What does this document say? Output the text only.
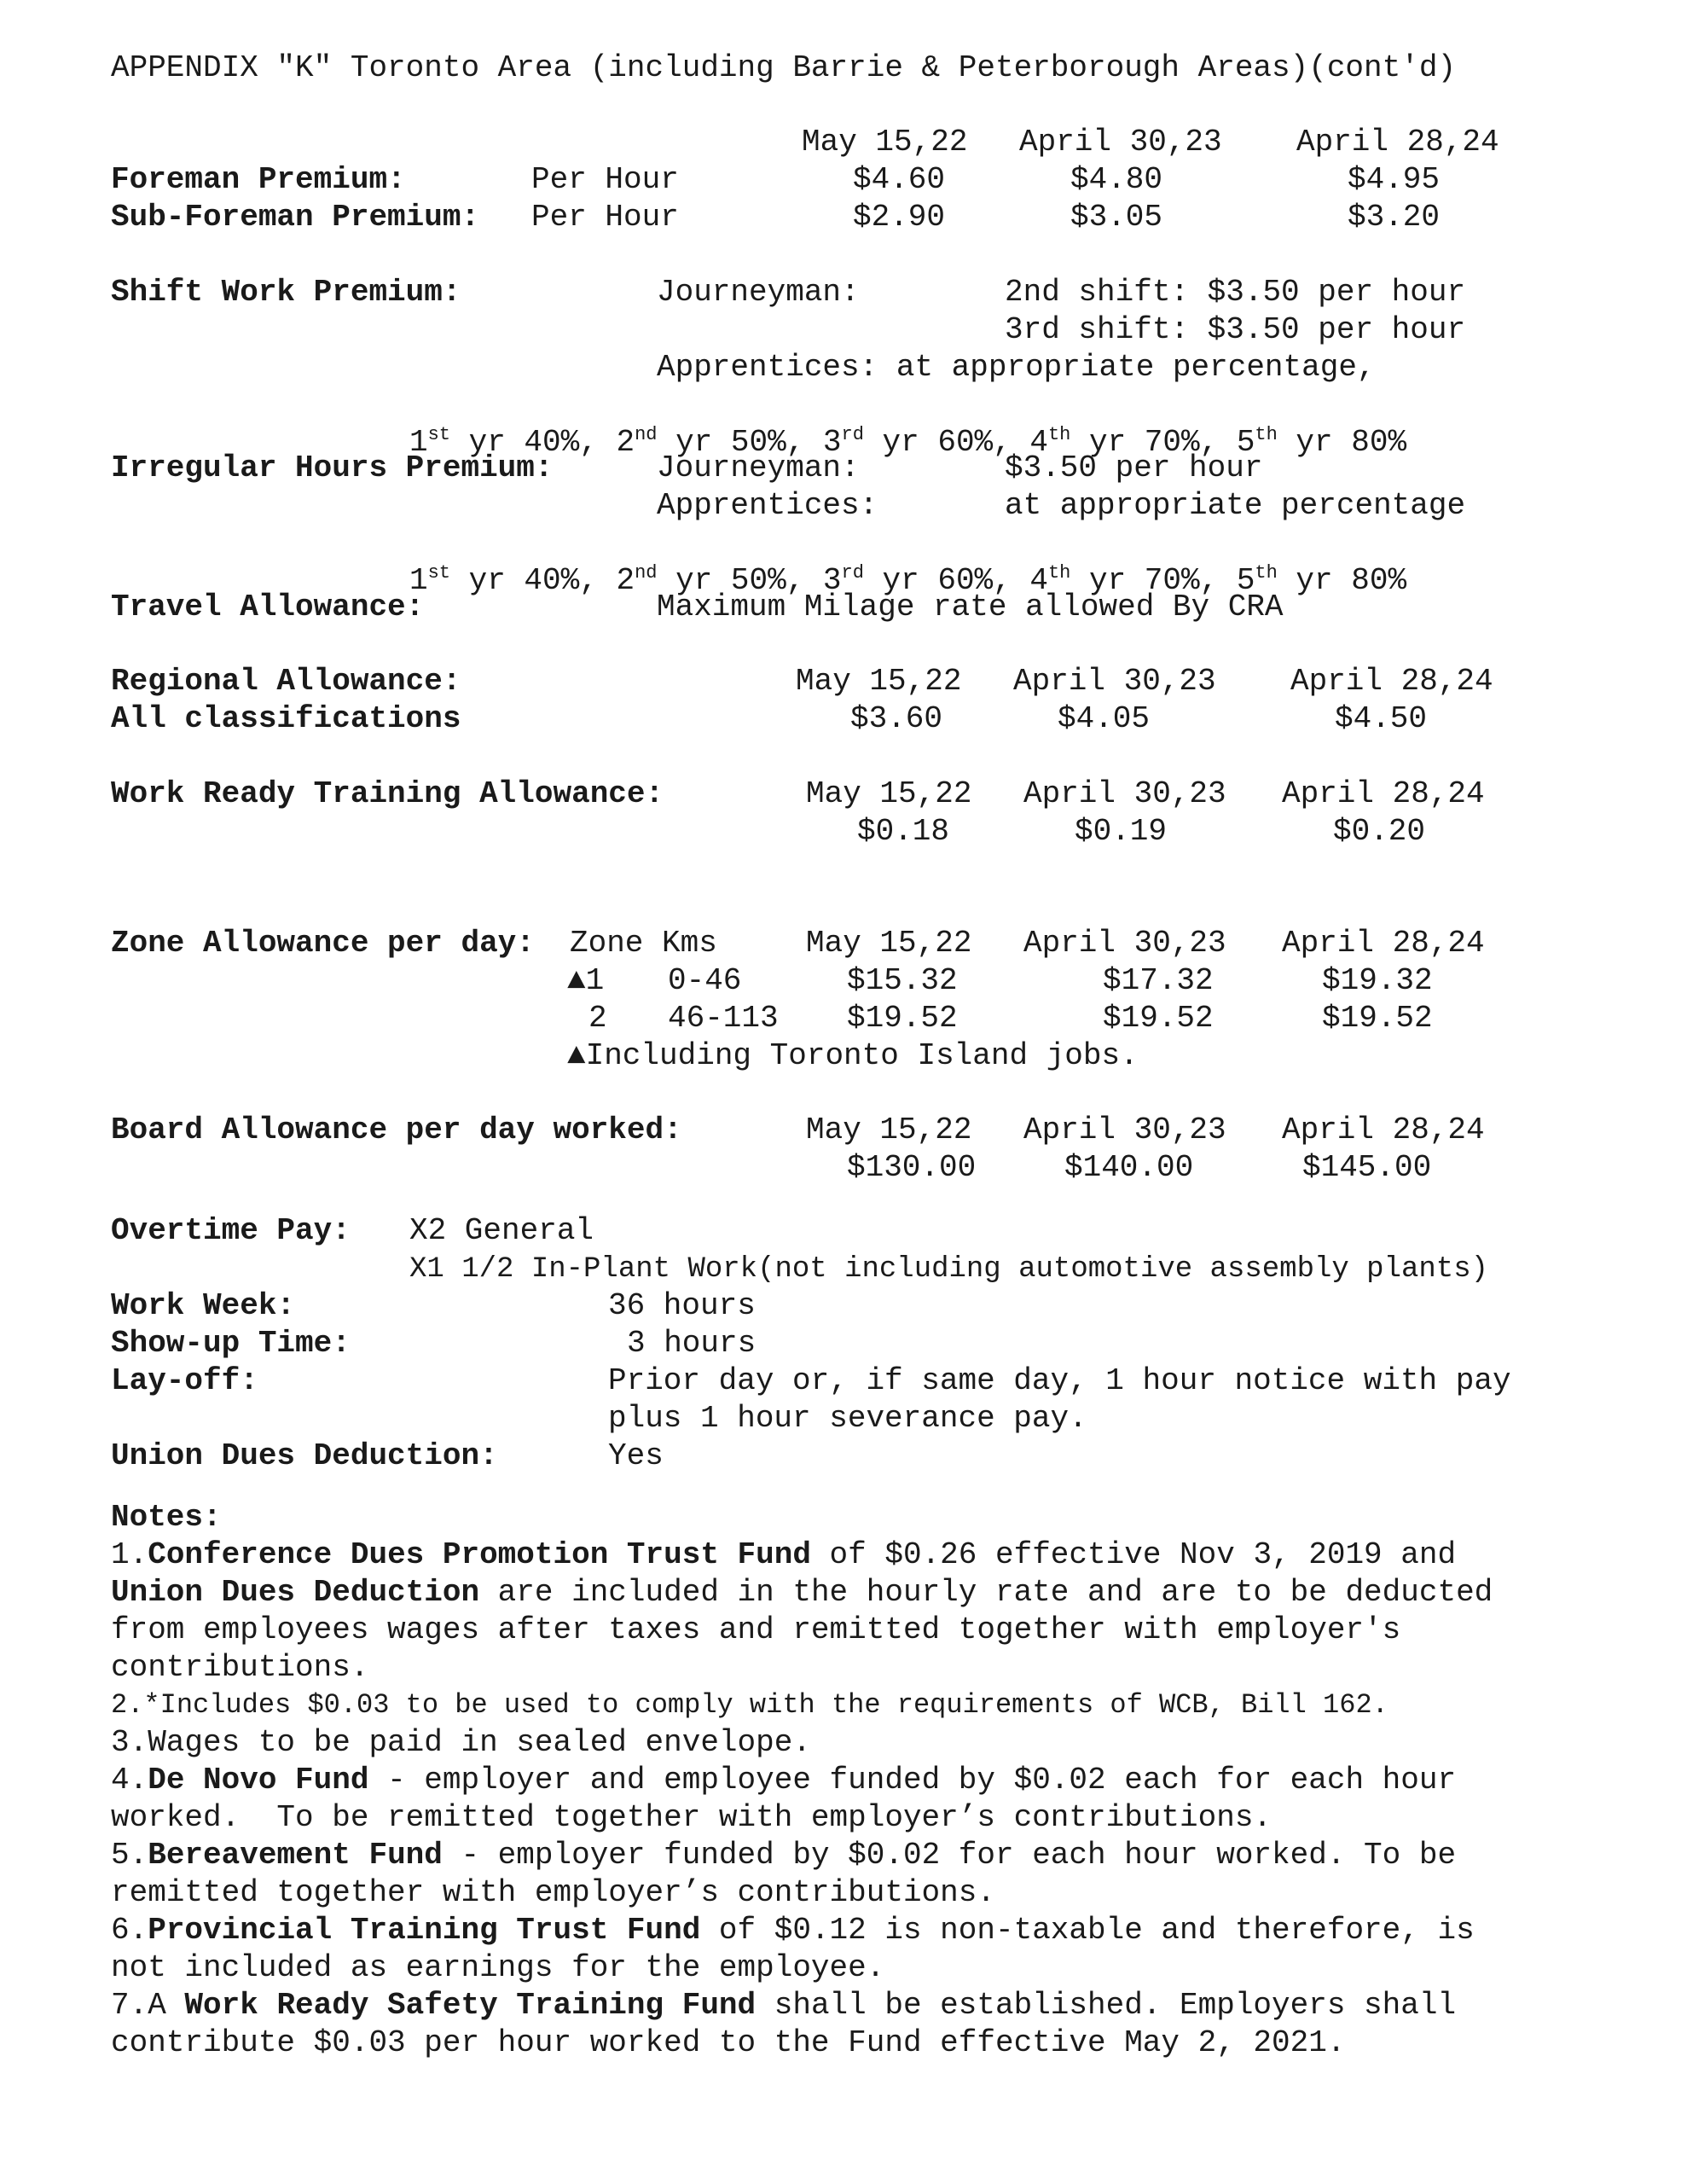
APPENDIX "K" Toronto Area (including Barrie & Peterborough Areas)(cont'd)
May 15,22 April 30,23 April 28,24
Foreman Premium:	Per Hour	$4.60	$4.80	$4.95
Sub-Foreman Premium: Per Hour	$2.90	$3.05	$3.20
Shift Work Premium:	Journeyman:	2nd shift: $3.50 per hour
3rd shift: $3.50 per hour
Apprentices: at appropriate percentage,

1st yr 40%, 2nd yr 50%, 3rd yr 60%, 4th yr 70%, 5th yr 80%
Irregular Hours Premium:	Journeyman:	$3.50 per hour
Apprentices:	at appropriate percentage

1st yr 40%, 2nd yr 50%, 3rd yr 60%, 4th yr 70%, 5th yr 80%
Travel Allowance:	Maximum Milage rate allowed By CRA
Regional Allowance:	May 15,22 April 30,23 April 28,24
All classifications	$3.60	$4.05	$4.50
Work Ready Training Allowance:	May 15,22 April 30,23 April 28,24
$0.18	$0.19	$0.20
Zone Allowance per day: Zone Kms	May 15,22 April 30,23 April 28,24
▲1 0-46	$15.32	$17.32	$19.32
2 46-113 $19.52	$19.52	$19.52
▲Including Toronto Island jobs.
Board Allowance per day worked:	May 15,22 April 30,23 April 28,24
$130.00	$140.00	$145.00
Overtime Pay: X2 General
X1 1/2 In-Plant Work(not including automotive assembly plants)
Work Week:	36 hours
Show-up Time:	3 hours
Lay-off:	Prior day or, if same day, 1 hour notice with pay
plus 1 hour severance pay.
Union Dues Deduction:	Yes
Notes:
1.Conference Dues Promotion Trust Fund of $0.26 effective Nov 3, 2019 and
Union Dues Deduction are included in the hourly rate and are to be deducted
from employees wages after taxes and remitted together with employer's
contributions.
2.*Includes $0.03 to be used to comply with the requirements of WCB, Bill 162.
3.Wages to be paid in sealed envelope.
4.De Novo Fund - employer and employee funded by $0.02 each for each hour
worked.  To be remitted together with employer’s contributions.
5.Bereavement Fund - employer funded by $0.02 for each hour worked. To be
remitted together with employer’s contributions.
6.Provincial Training Trust Fund of $0.12 is non-taxable and therefore, is
not included as earnings for the employee.
7.A Work Ready Safety Training Fund shall be established. Employers shall
contribute $0.03 per hour worked to the Fund effective May 2, 2021.
